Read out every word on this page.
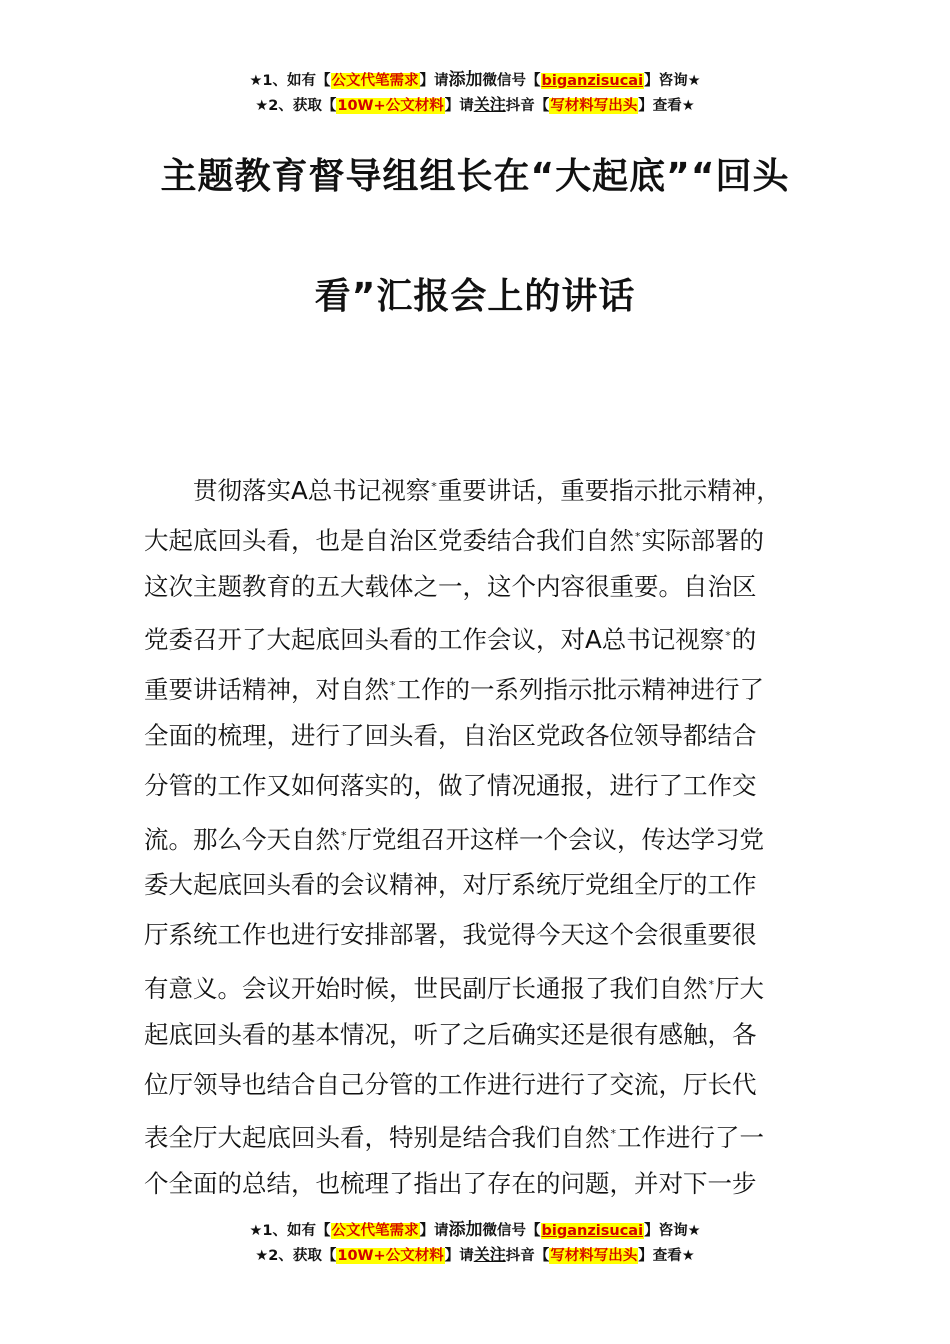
★1、如有【公文代笔需求】请添加微信号【biganzisucai】咨询★
★2、获取【10W+公文材料】请关注抖音【写材料写出头】查看★
主题教育督导组组长在“大起底”“回头
看”汇报会上的讲话
贯彻落实A总书记视察*重要讲话，重要指示批示精神，
大起底回头看，也是自治区党委结合我们自然*实际部署的
这次主题教育的五大载体之一，这个内容很重要。自治区
党委召开了大起底回头看的工作会议，对A总书记视察*的
重要讲话精神，对自然*工作的一系列指示批示精神进行了
全面的梳理，进行了回头看，自治区党政各位领导都结合
分管的工作又如何落实的，做了情况通报，进行了工作交
流。那么今天自然*厅党组召开这样一个会议，传达学习党
委大起底回头看的会议精神，对厅系统厅党组全厅的工作
厅系统工作也进行安排部署，我觉得今天这个会很重要很
有意义。会议开始时候，世民副厅长通报了我们自然*厅大
起底回头看的基本情况，听了之后确实还是很有感触，各
位厅领导也结合自己分管的工作进行进行了交流，厅长代
表全厅大起底回头看，特别是结合我们自然*工作进行了一
个全面的总结，也梳理了指出了存在的问题，并对下一步
★1、如有【公文代笔需求】请添加微信号【biganzisucai】咨询★
★2、获取【10W+公文材料】请关注抖音【写材料写出头】查看★
